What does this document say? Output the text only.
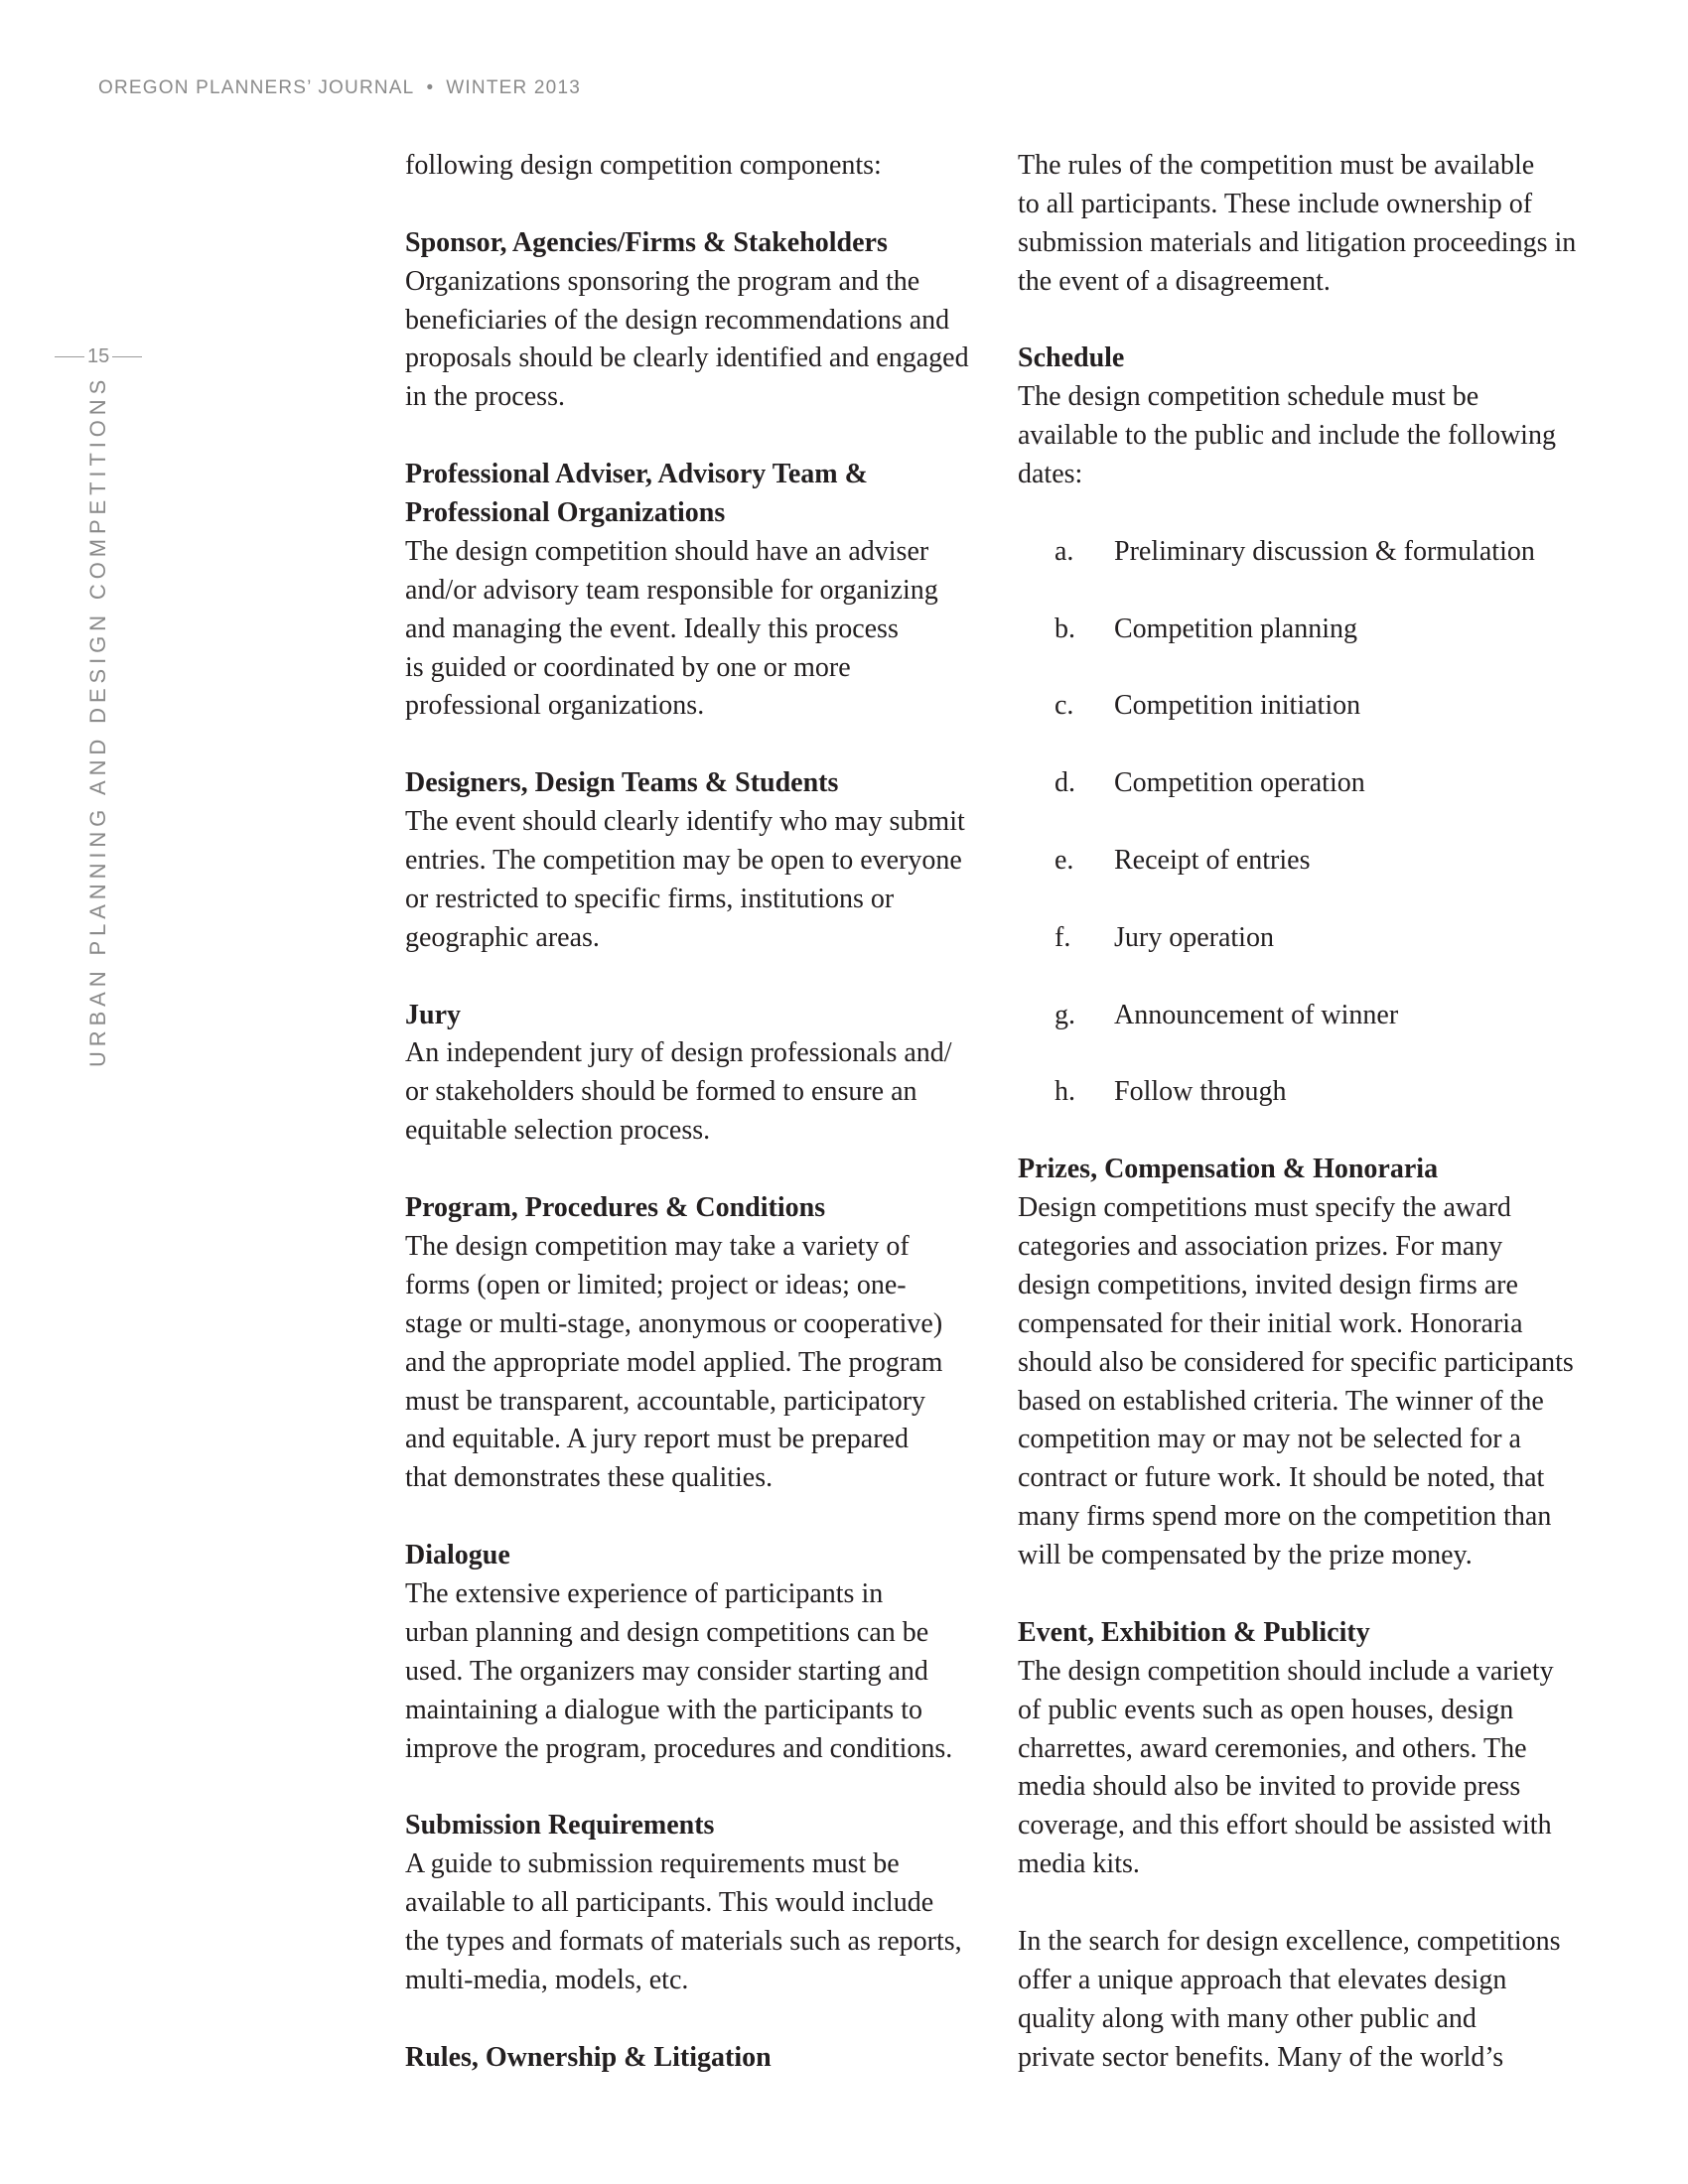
OREGON PLANNERS’ JOURNAL • WINTER 2013
15
URBAN PLANNING AND DESIGN COMPETITIONS
following design competition components:
Sponsor, Agencies/Firms & Stakeholders
Organizations sponsoring the program and the
beneficiaries of the design recommendations and
proposals should be clearly identified and engaged
in the process.
Professional Adviser, Advisory Team &
Professional Organizations
The design competition should have an adviser
and/or advisory team responsible for organizing
and managing the event. Ideally this process
is guided or coordinated by one or more
professional organizations.
Designers, Design Teams & Students
The event should clearly identify who may submit
entries. The competition may be open to everyone
or restricted to specific firms, institutions or
geographic areas.
Jury
An independent jury of design professionals and/
or stakeholders should be formed to ensure an
equitable selection process.
Program, Procedures & Conditions
The design competition may take a variety of
forms (open or limited; project or ideas; one-
stage or multi-stage, anonymous or cooperative)
and the appropriate model applied. The program
must be transparent, accountable, participatory
and equitable. A jury report must be prepared
that demonstrates these qualities.
Dialogue
The extensive experience of participants in
urban planning and design competitions can be
used. The organizers may consider starting and
maintaining a dialogue with the participants to
improve the program, procedures and conditions.
Submission Requirements
A guide to submission requirements must be
available to all participants. This would include
the types and formats of materials such as reports,
multi-media, models, etc.
Rules, Ownership & Litigation
The rules of the competition must be available
to all participants. These include ownership of
submission materials and litigation proceedings in
the event of a disagreement.
Schedule
The design competition schedule must be
available to the public and include the following
dates:
a.	Preliminary discussion & formulation
b.	Competition planning
c.	Competition initiation
d.	Competition operation
e.	Receipt of entries
f.	Jury operation
g.	Announcement of winner
h.	Follow through
Prizes, Compensation & Honoraria
Design competitions must specify the award
categories and association prizes. For many
design competitions, invited design firms are
compensated for their initial work. Honoraria
should also be considered for specific participants
based on established criteria. The winner of the
competition may or may not be selected for a
contract or future work. It should be noted, that
many firms spend more on the competition than
will be compensated by the prize money.
Event, Exhibition & Publicity
The design competition should include a variety
of public events such as open houses, design
charrettes, award ceremonies, and others. The
media should also be invited to provide press
coverage, and this effort should be assisted with
media kits.
In the search for design excellence, competitions
offer a unique approach that elevates design
quality along with many other public and
private sector benefits. Many of the world’s
